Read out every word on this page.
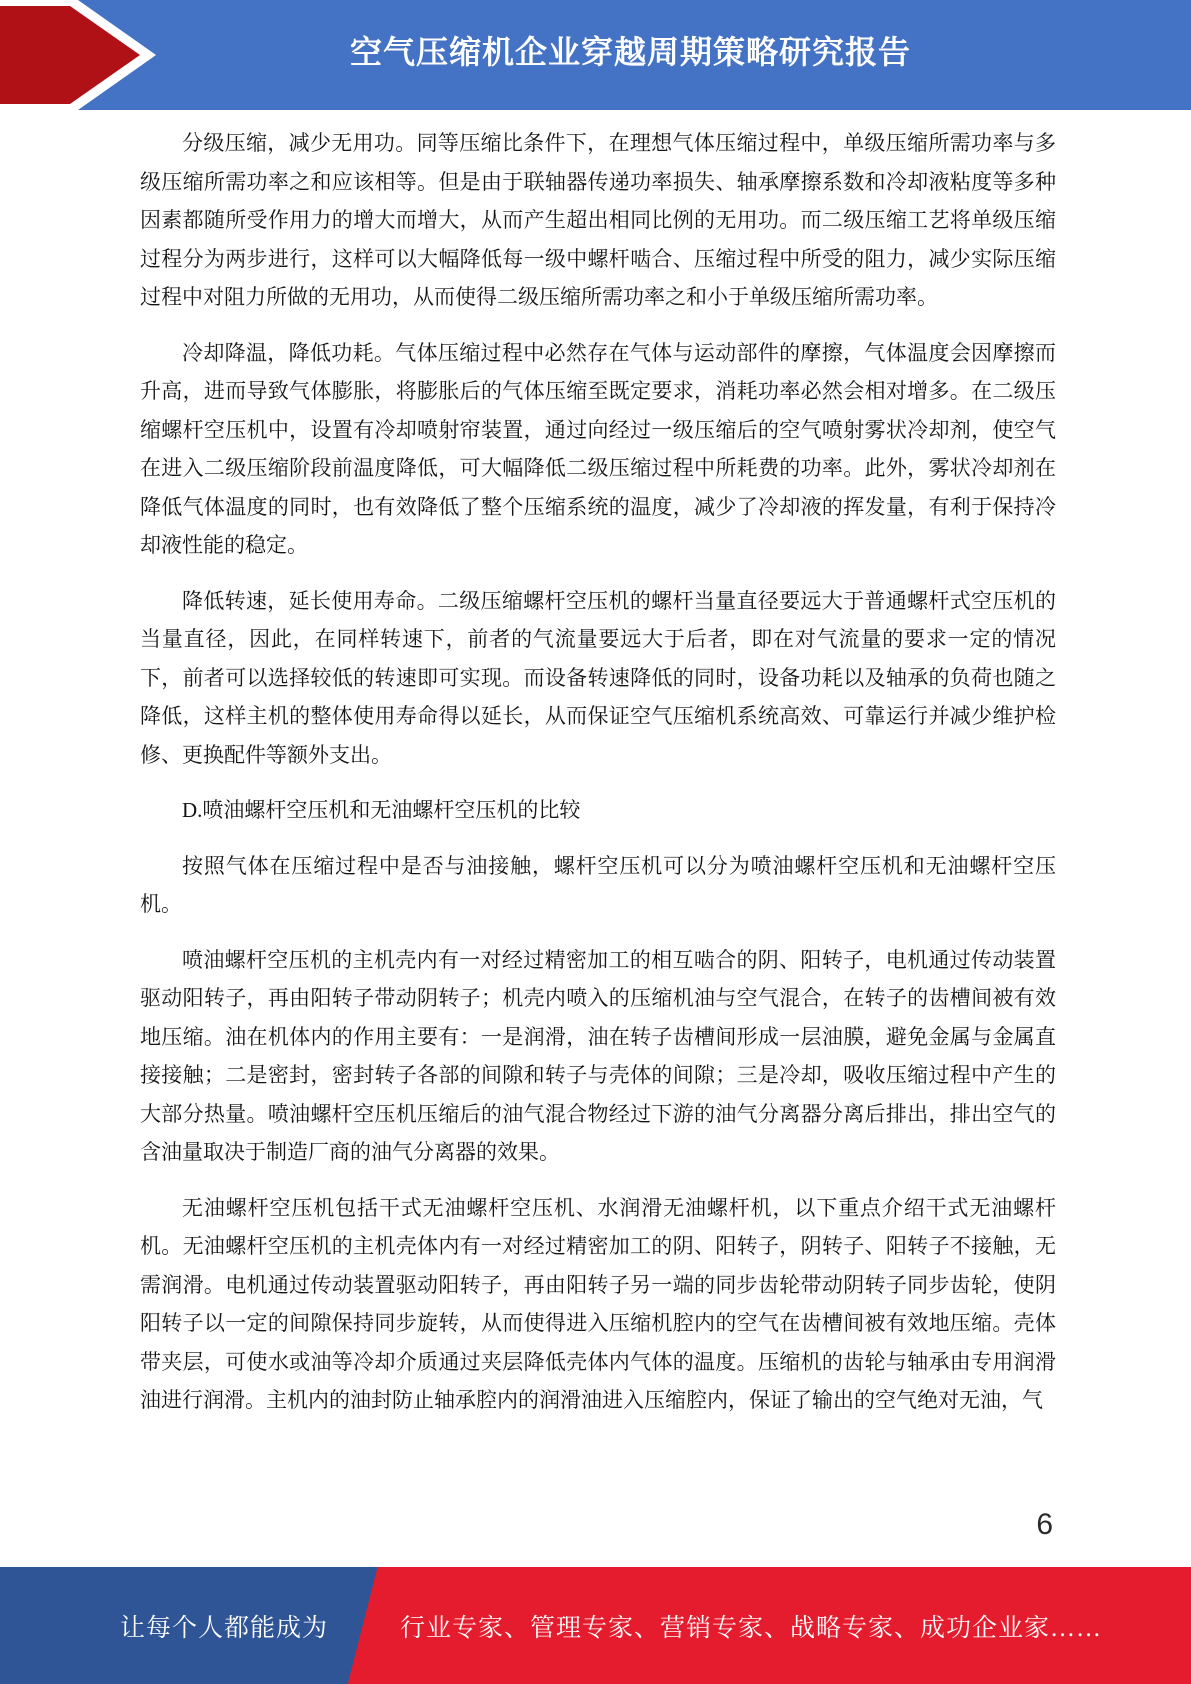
空气压缩机企业穿越周期策略研究报告

分级压缩，减少无用功。同等压缩比条件下，在理想气体压缩过程中，单级压缩所需功率与多级压缩所需功率之和应该相等。但是由于联轴器传递功率损失、轴承摩擦系数和冷却液粘度等多种因素都随所受作用力的增大而增大，从而产生超出相同比例的无用功。而二级压缩工艺将单级压缩过程分为两步进行，这样可以大幅降低每一级中螺杆啮合、压缩过程中所受的阻力，减少实际压缩过程中对阻力所做的无用功，从而使得二级压缩所需功率之和小于单级压缩所需功率。

冷却降温，降低功耗。气体压缩过程中必然存在气体与运动部件的摩擦，气体温度会因摩擦而升高，进而导致气体膨胀，将膨胀后的气体压缩至既定要求，消耗功率必然会相对增多。在二级压缩螺杆空压机中，设置有冷却喷射帘装置，通过向经过一级压缩后的空气喷射雾状冷却剂，使空气在进入二级压缩阶段前温度降低，可大幅降低二级压缩过程中所耗费的功率。此外，雾状冷却剂在降低气体温度的同时，也有效降低了整个压缩系统的温度，减少了冷却液的挥发量，有利于保持冷却液性能的稳定。

降低转速，延长使用寿命。二级压缩螺杆空压机的螺杆当量直径要远大于普通螺杆式空压机的当量直径，因此，在同样转速下，前者的气流量要远大于后者，即在对气流量的要求一定的情况下，前者可以选择较低的转速即可实现。而设备转速降低的同时，设备功耗以及轴承的负荷也随之降低，这样主机的整体使用寿命得以延长，从而保证空气压缩机系统高效、可靠运行并减少维护检修、更换配件等额外支出。

D.喷油螺杆空压机和无油螺杆空压机的比较

按照气体在压缩过程中是否与油接触，螺杆空压机可以分为喷油螺杆空压机和无油螺杆空压机。

喷油螺杆空压机的主机壳内有一对经过精密加工的相互啮合的阴、阳转子，电机通过传动装置驱动阳转子，再由阳转子带动阴转子；机壳内喷入的压缩机油与空气混合，在转子的齿槽间被有效地压缩。油在机体内的作用主要有：一是润滑，油在转子齿槽间形成一层油膜，避免金属与金属直接接触；二是密封，密封转子各部的间隙和转子与壳体的间隙；三是冷却，吸收压缩过程中产生的大部分热量。喷油螺杆空压机压缩后的油气混合物经过下游的油气分离器分离后排出，排出空气的含油量取决于制造厂商的油气分离器的效果。

无油螺杆空压机包括干式无油螺杆空压机、水润滑无油螺杆机，以下重点介绍干式无油螺杆机。无油螺杆空压机的主机壳体内有一对经过精密加工的阴、阳转子，阴转子、阳转子不接触，无需润滑。电机通过传动装置驱动阳转子，再由阳转子另一端的同步齿轮带动阴转子同步齿轮，使阴阳转子以一定的间隙保持同步旋转，从而使得进入压缩机腔内的空气在齿槽间被有效地压缩。壳体带夹层，可使水或油等冷却介质通过夹层降低壳体内气体的温度。压缩机的齿轮与轴承由专用润滑油进行润滑。主机内的油封防止轴承腔内的润滑油进入压缩腔内，保证了输出的空气绝对无油，气

6
让每个人都能成为	行业专家、管理专家、营销专家、战略专家、成功企业家……
